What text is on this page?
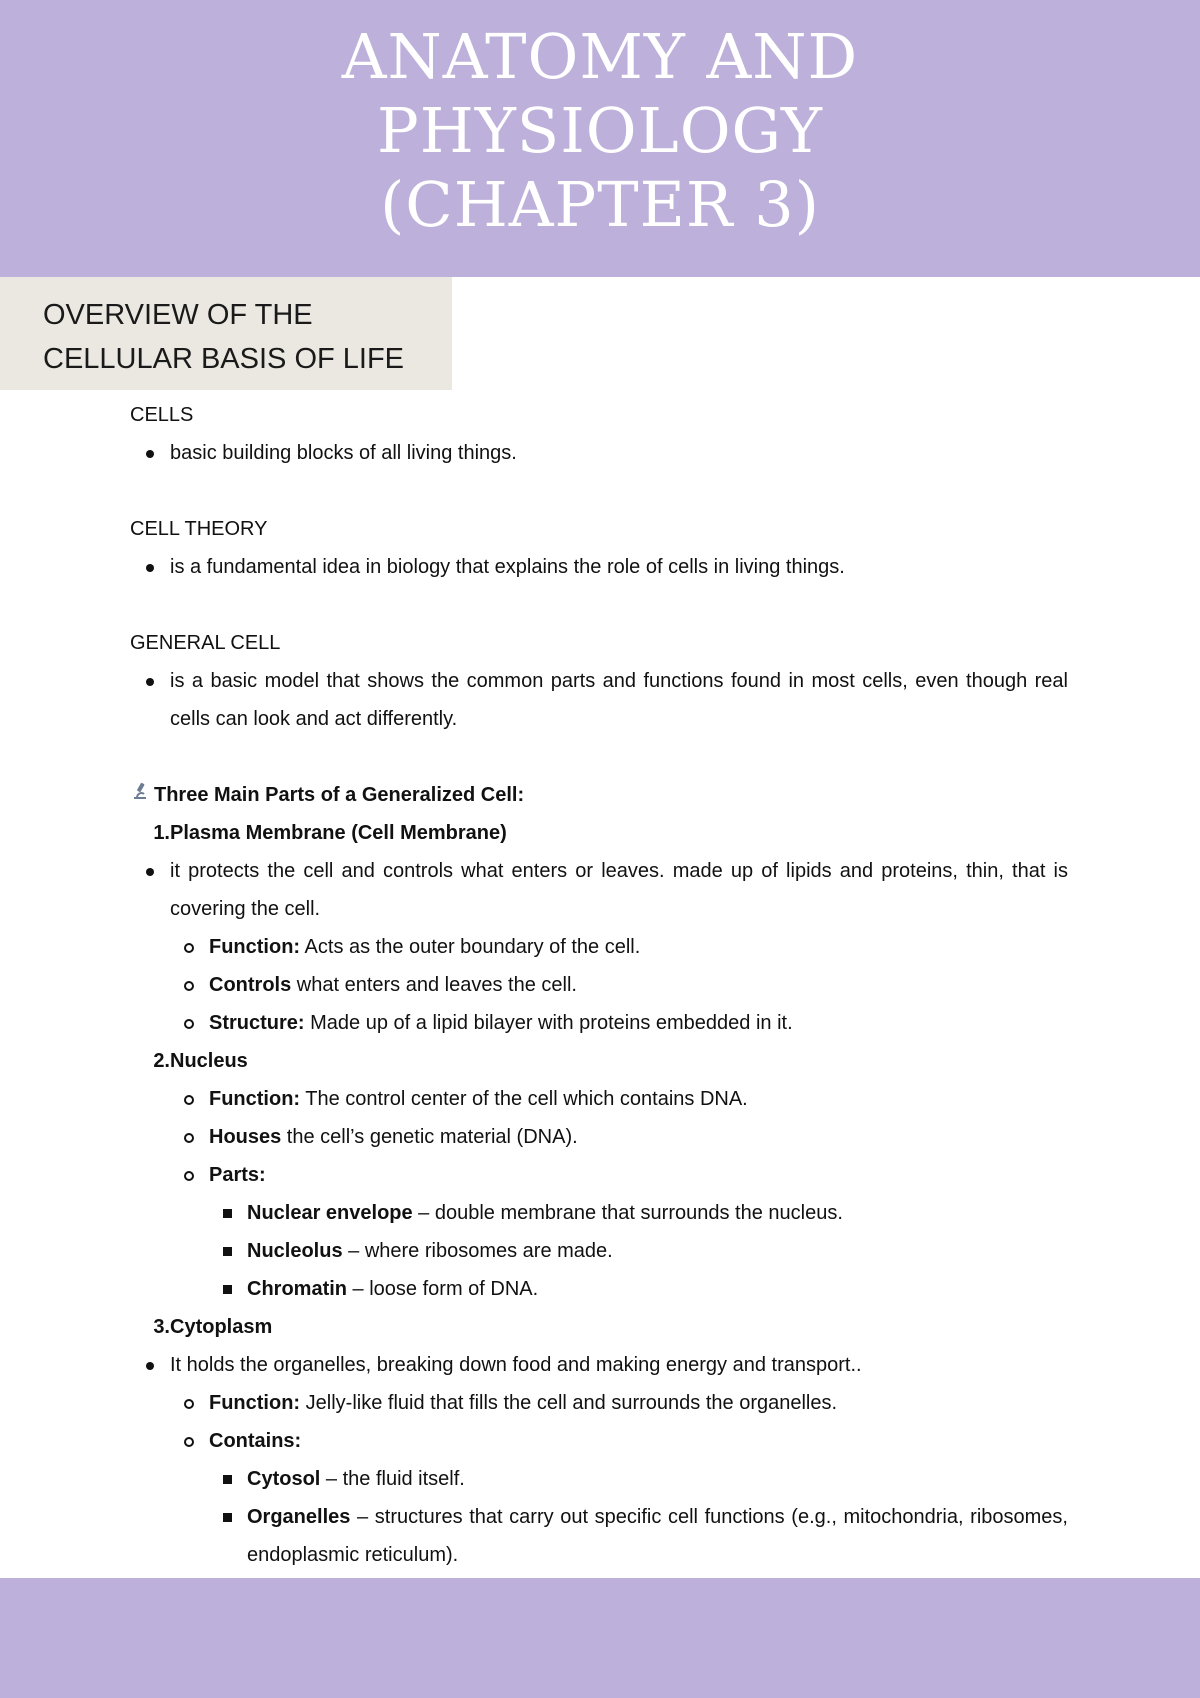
ANATOMY AND
PHYSIOLOGY
(CHAPTER 3)
OVERVIEW OF THE
CELLULAR BASIS OF LIFE
CELLS
basic building blocks of all living things.
CELL THEORY
is a fundamental idea in biology that explains the role of cells in living things.
GENERAL CELL
is a basic model that shows the common parts and functions found in most cells, even though real cells can look and act differently.
Three Main Parts of a Generalized Cell:
1. Plasma Membrane (Cell Membrane)
it protects the cell and controls what enters or leaves. made up of lipids and proteins, thin, that is covering the cell.
Function: Acts as the outer boundary of the cell.
Controls what enters and leaves the cell.
Structure: Made up of a lipid bilayer with proteins embedded in it.
2. Nucleus
Function: The control center of the cell which contains DNA.
Houses the cell’s genetic material (DNA).
Parts:
Nuclear envelope – double membrane that surrounds the nucleus.
Nucleolus – where ribosomes are made.
Chromatin – loose form of DNA.
3. Cytoplasm
It holds the organelles, breaking down food and making energy and transport..
Function: Jelly-like fluid that fills the cell and surrounds the organelles.
Contains:
Cytosol – the fluid itself.
Organelles – structures that carry out specific cell functions (e.g., mitochondria, ribosomes, endoplasmic reticulum).
